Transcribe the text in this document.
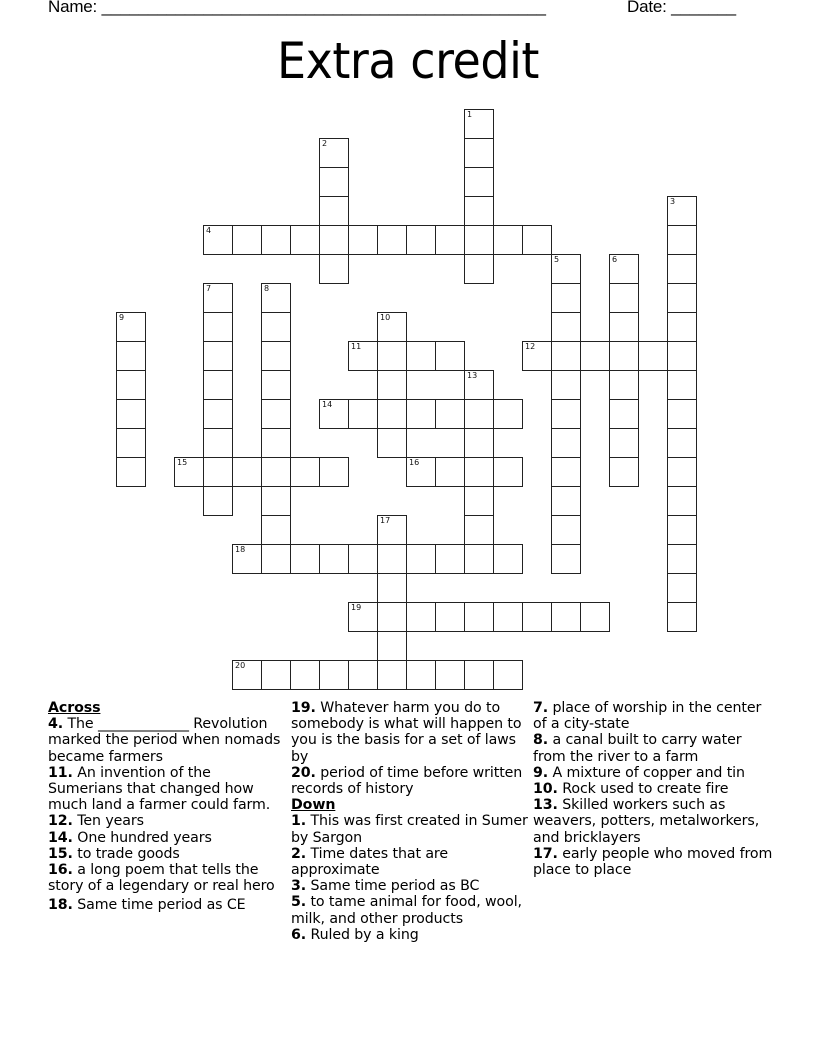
Name: ________________________________________________	Date: _______
Extra credit
1
2
3
4
5	6
7	8
9	10
11	12
13
14
15	16
17
18
19
20

Across

4. The _____________ Revolution marked the period when nomads became farmers

11. An invention of the Sumerians that changed how much land a farmer could farm.

12. Ten years

14. One hundred years

15. to trade goods

16. a long poem that tells the story of a legendary or real hero

18. Same time period as CE

19. Whatever harm you do to somebody is what will happen to you is the basis for a set of laws by

20. period of time before written records of history

Down

1. This was first created in Sumer by Sargon

2. Time dates that are approximate

3. Same time period as BC

5. to tame animal for food, wool, milk, and other products

6. Ruled by a king

7. place of worship in the center of a city-state

8. a canal built to carry water from the river to a farm

9. A mixture of copper and tin

10. Rock used to create fire

13. Skilled workers such as weavers, potters, metalworkers, and bricklayers

17. early people who moved from place to place
